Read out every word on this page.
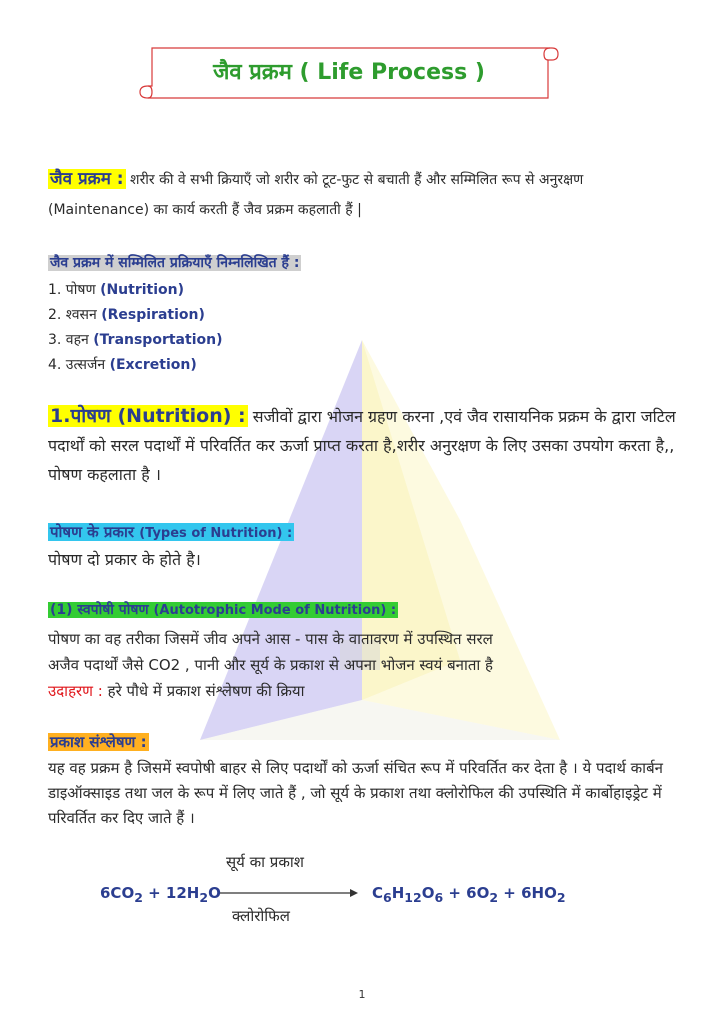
जैव प्रक्रम ( Life Process )
जैव प्रक्रम : शरीर की वे सभी क्रियाएँ जो शरीर को टूट-फुट से बचाती हैं और सम्मिलित रूप से अनुरक्षण (Maintenance) का कार्य करती हैं जैव प्रक्रम कहलाती हैं |
जैव प्रक्रम में सम्मिलित प्रक्रियाएँ निम्नलिखित हैं :

1. पोषण (Nutrition)

2. श्वसन (Respiration)

3. वहन (Transportation)

4. उत्सर्जन (Excretion)

1.पोषण (Nutrition) : सजीवों द्वारा भोजन ग्रहण करना ,एवं जैव रासायनिक प्रक्रम के द्वारा जटिल पदार्थों को सरल पदार्थों में परिवर्तित कर ऊर्जा प्राप्त करता है,शरीर अनुरक्षण के लिए उसका उपयोग करता है,, पोषण कहलाता है ।
पोषण के प्रकार (Types of Nutrition) :
पोषण दो प्रकार के होते है।
(1) स्वपोषी पोषण (Autotrophic Mode of Nutrition) :
पोषण का वह तरीका जिसमें जीव अपने आस - पास के वातावरण में उपस्थित सरल
अजैव पदार्थों जैसे CO2 , पानी और सूर्य के प्रकाश से अपना भोजन स्वयं बनाता है
उदाहरण : हरे पौधे में प्रकाश संश्लेषण की क्रिया
प्रकाश संश्लेषण :
यह वह प्रक्रम है जिसमें स्वपोषी बाहर से लिए पदार्थों को ऊर्जा संचित रूप में परिवर्तित कर देता है । ये पदार्थ कार्बन डाइऑक्साइड तथा जल के रूप में लिए जाते हैं , जो सूर्य के प्रकाश तथा क्लोरोफिल की उपस्थिति में कार्बोहाइड्रेट में परिवर्तित कर दिए जाते हैं ।
सूर्य का प्रकाश
$6CO_2 + 12H_2O$	$C_6H_{12}O_6 + 6O_2 + 6HO_2$
क्लोरोफिल
1
